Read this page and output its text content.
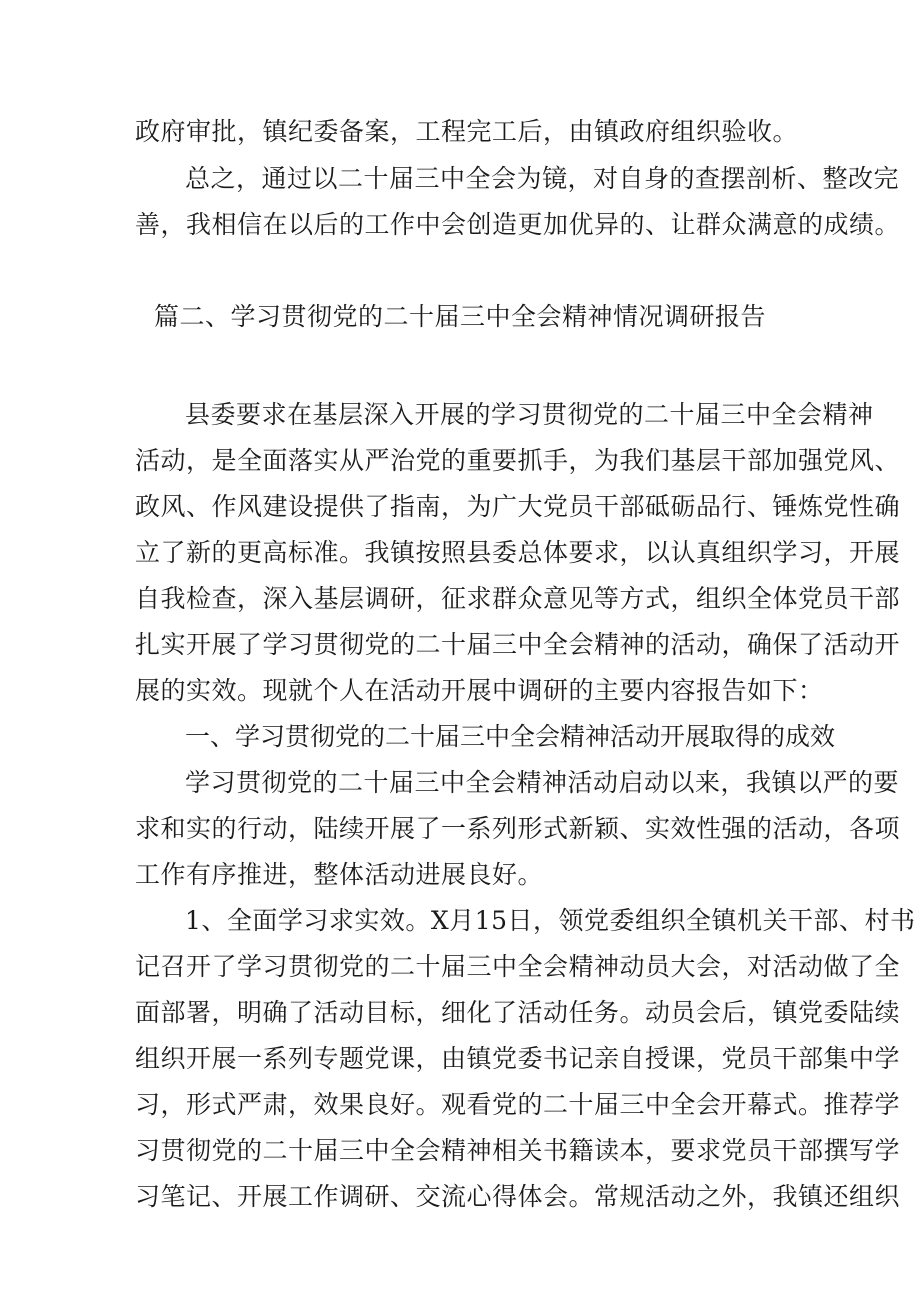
政府审批，镇纪委备案，工程完工后，由镇政府组织验收。
总之，通过以二十届三中全会为镜，对自身的查摆剖析、整改完
善，我相信在以后的工作中会创造更加优异的、让群众满意的成绩。
篇二、学习贯彻党的二十届三中全会精神情况调研报告
县委要求在基层深入开展的学习贯彻党的二十届三中全会精神
活动，是全面落实从严治党的重要抓手，为我们基层干部加强党风、
政风、作风建设提供了指南，为广大党员干部砥砺品行、锤炼党性确
立了新的更高标准。我镇按照县委总体要求，以认真组织学习，开展
自我检查，深入基层调研，征求群众意见等方式，组织全体党员干部
扎实开展了学习贯彻党的二十届三中全会精神的活动，确保了活动开
展的实效。现就个人在活动开展中调研的主要内容报告如下：
一、学习贯彻党的二十届三中全会精神活动开展取得的成效
学习贯彻党的二十届三中全会精神活动启动以来，我镇以严的要
求和实的行动，陆续开展了一系列形式新颖、实效性强的活动，各项
工作有序推进，整体活动进展良好。
1、全面学习求实效。X月15日，领党委组织全镇机关干部、村书
记召开了学习贯彻党的二十届三中全会精神动员大会，对活动做了全
面部署，明确了活动目标，细化了活动任务。动员会后，镇党委陆续
组织开展一系列专题党课，由镇党委书记亲自授课，党员干部集中学
习，形式严肃，效果良好。观看党的二十届三中全会开幕式。推荐学
习贯彻党的二十届三中全会精神相关书籍读本，要求党员干部撰写学
习笔记、开展工作调研、交流心得体会。常规活动之外，我镇还组织
